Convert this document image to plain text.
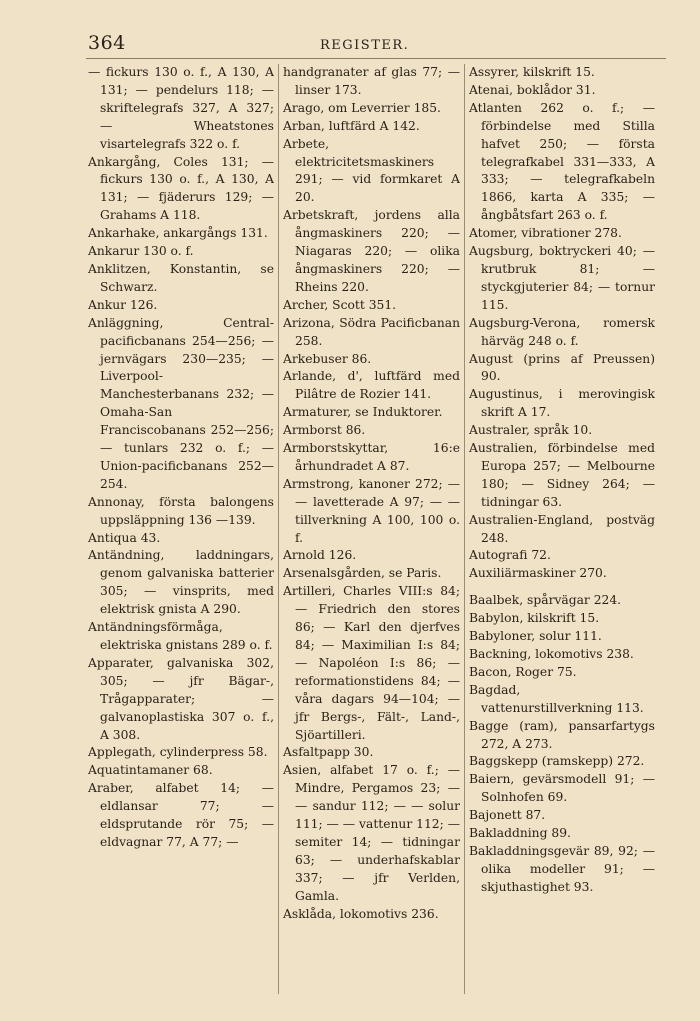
364	REGISTER.
— fickurs 130 o. f., A 130, A 131; — pendelurs 118; — skriftelegrafs 327, A 327; — Wheatstones visartelegrafs 322 o. f.
Ankargång, Coles 131; — fickurs 130 o. f., A 130, A 131; — fjäderurs 129; — Grahams A 118.
Ankarhake, ankargångs 131.
Ankarur 130 o. f.
Anklitzen, Konstantin, se Schwarz.
Ankur 126.
Anläggning, Central-pacificbanans 254—256; — jernvägars 230—235; — Liverpool-Manchesterbanans 232; — Omaha-San Franciscobanans 252—256; — tunlars 232 o. f.; — Union-pacificbanans 252—254.
Annonay, första balongens uppsläppning 136 —139.
Antiqua 43.
Antändning, laddningars, genom galvaniska batterier 305; — vinsprits, med elektrisk gnista A 290.
Antändningsförmåga, elektriska gnistans 289 o. f.
Apparater, galvaniska 302, 305; — jfr Bägar-, Trågapparater; — galvanoplastiska 307 o. f., A 308.
Applegath, cylinderpress 58.
Aquatintamaner 68.
Araber, alfabet 14; — eldlansar 77; — eldsprutande rör 75; — eldvagnar 77, A 77; —
handgranater af glas 77; — linser 173.
Arago, om Leverrier 185.
Arban, luftfärd A 142.
Arbete, elektricitetsmaskiners 291; — vid formkaret A 20.
Arbetskraft, jordens alla ångmaskiners 220; — Niagaras 220; — olika ångmaskiners 220; — Rheins 220.
Archer, Scott 351.
Arizona, Södra Pacificbanan 258.
Arkebuser 86.
Arlande, d', luftfärd med Pilâtre de Rozier 141.
Armaturer, se Induktorer.
Armborst 86.
Armborstskyttar, 16:e århundradet A 87.
Armstrong, kanoner 272; — — lavetterade A 97; — — tillverkning A 100, 100 o. f.
Arnold 126.
Arsenalsgården, se Paris.
Artilleri, Charles VIII:s 84; — Friedrich den stores 86; — Karl den djerfves 84; — Maximilian I:s 84; — Napoléon I:s 86; — reformationstidens 84; — våra dagars 94—104; — jfr Bergs-, Fält-, Land-, Sjöartilleri.
Asfaltpapp 30.
Asien, alfabet 17 o. f.; — Mindre, Pergamos 23; — — sandur 112; — — solur 111; — — vattenur 112; — semiter 14; — tidningar 63; — underhafskablar 337; — jfr Verlden, Gamla.
Asklåda, lokomotivs 236.
Assyrer, kilskrift 15.
Atenai, boklådor 31.
Atlanten 262 o. f.; — förbindelse med Stilla hafvet 250; — första telegrafkabel 331—333, A 333; — telegrafkabeln 1866, karta A 335; — ångbåtsfart 263 o. f.
Atomer, vibrationer 278.
Augsburg, boktryckeri 40; — krutbruk 81; — styckgjuterier 84; — tornur 115.
Augsburg-Verona, romersk härväg 248 o. f.
August (prins af Preussen) 90.
Augustinus, i merovingisk skrift A 17.
Australer, språk 10.
Australien, förbindelse med Europa 257; — Melbourne 180; — Sidney 264; — tidningar 63.
Australien-England, postväg 248.
Autografi 72.
Auxiliärmaskiner 270.
Baalbek, spårvägar 224.
Babylon, kilskrift 15.
Babyloner, solur 111.
Backning, lokomotivs 238.
Bacon, Roger 75.
Bagdad, vattenurstillverkning 113.
Bagge (ram), pansarfartygs 272, A 273.
Baggskepp (ramskepp) 272.
Baiern, gevärsmodell 91; — Solnhofen 69.
Bajonett 87.
Bakladdning 89.
Bakladdningsgevär 89, 92; — olika modeller 91; — skjuthastighet 93.
